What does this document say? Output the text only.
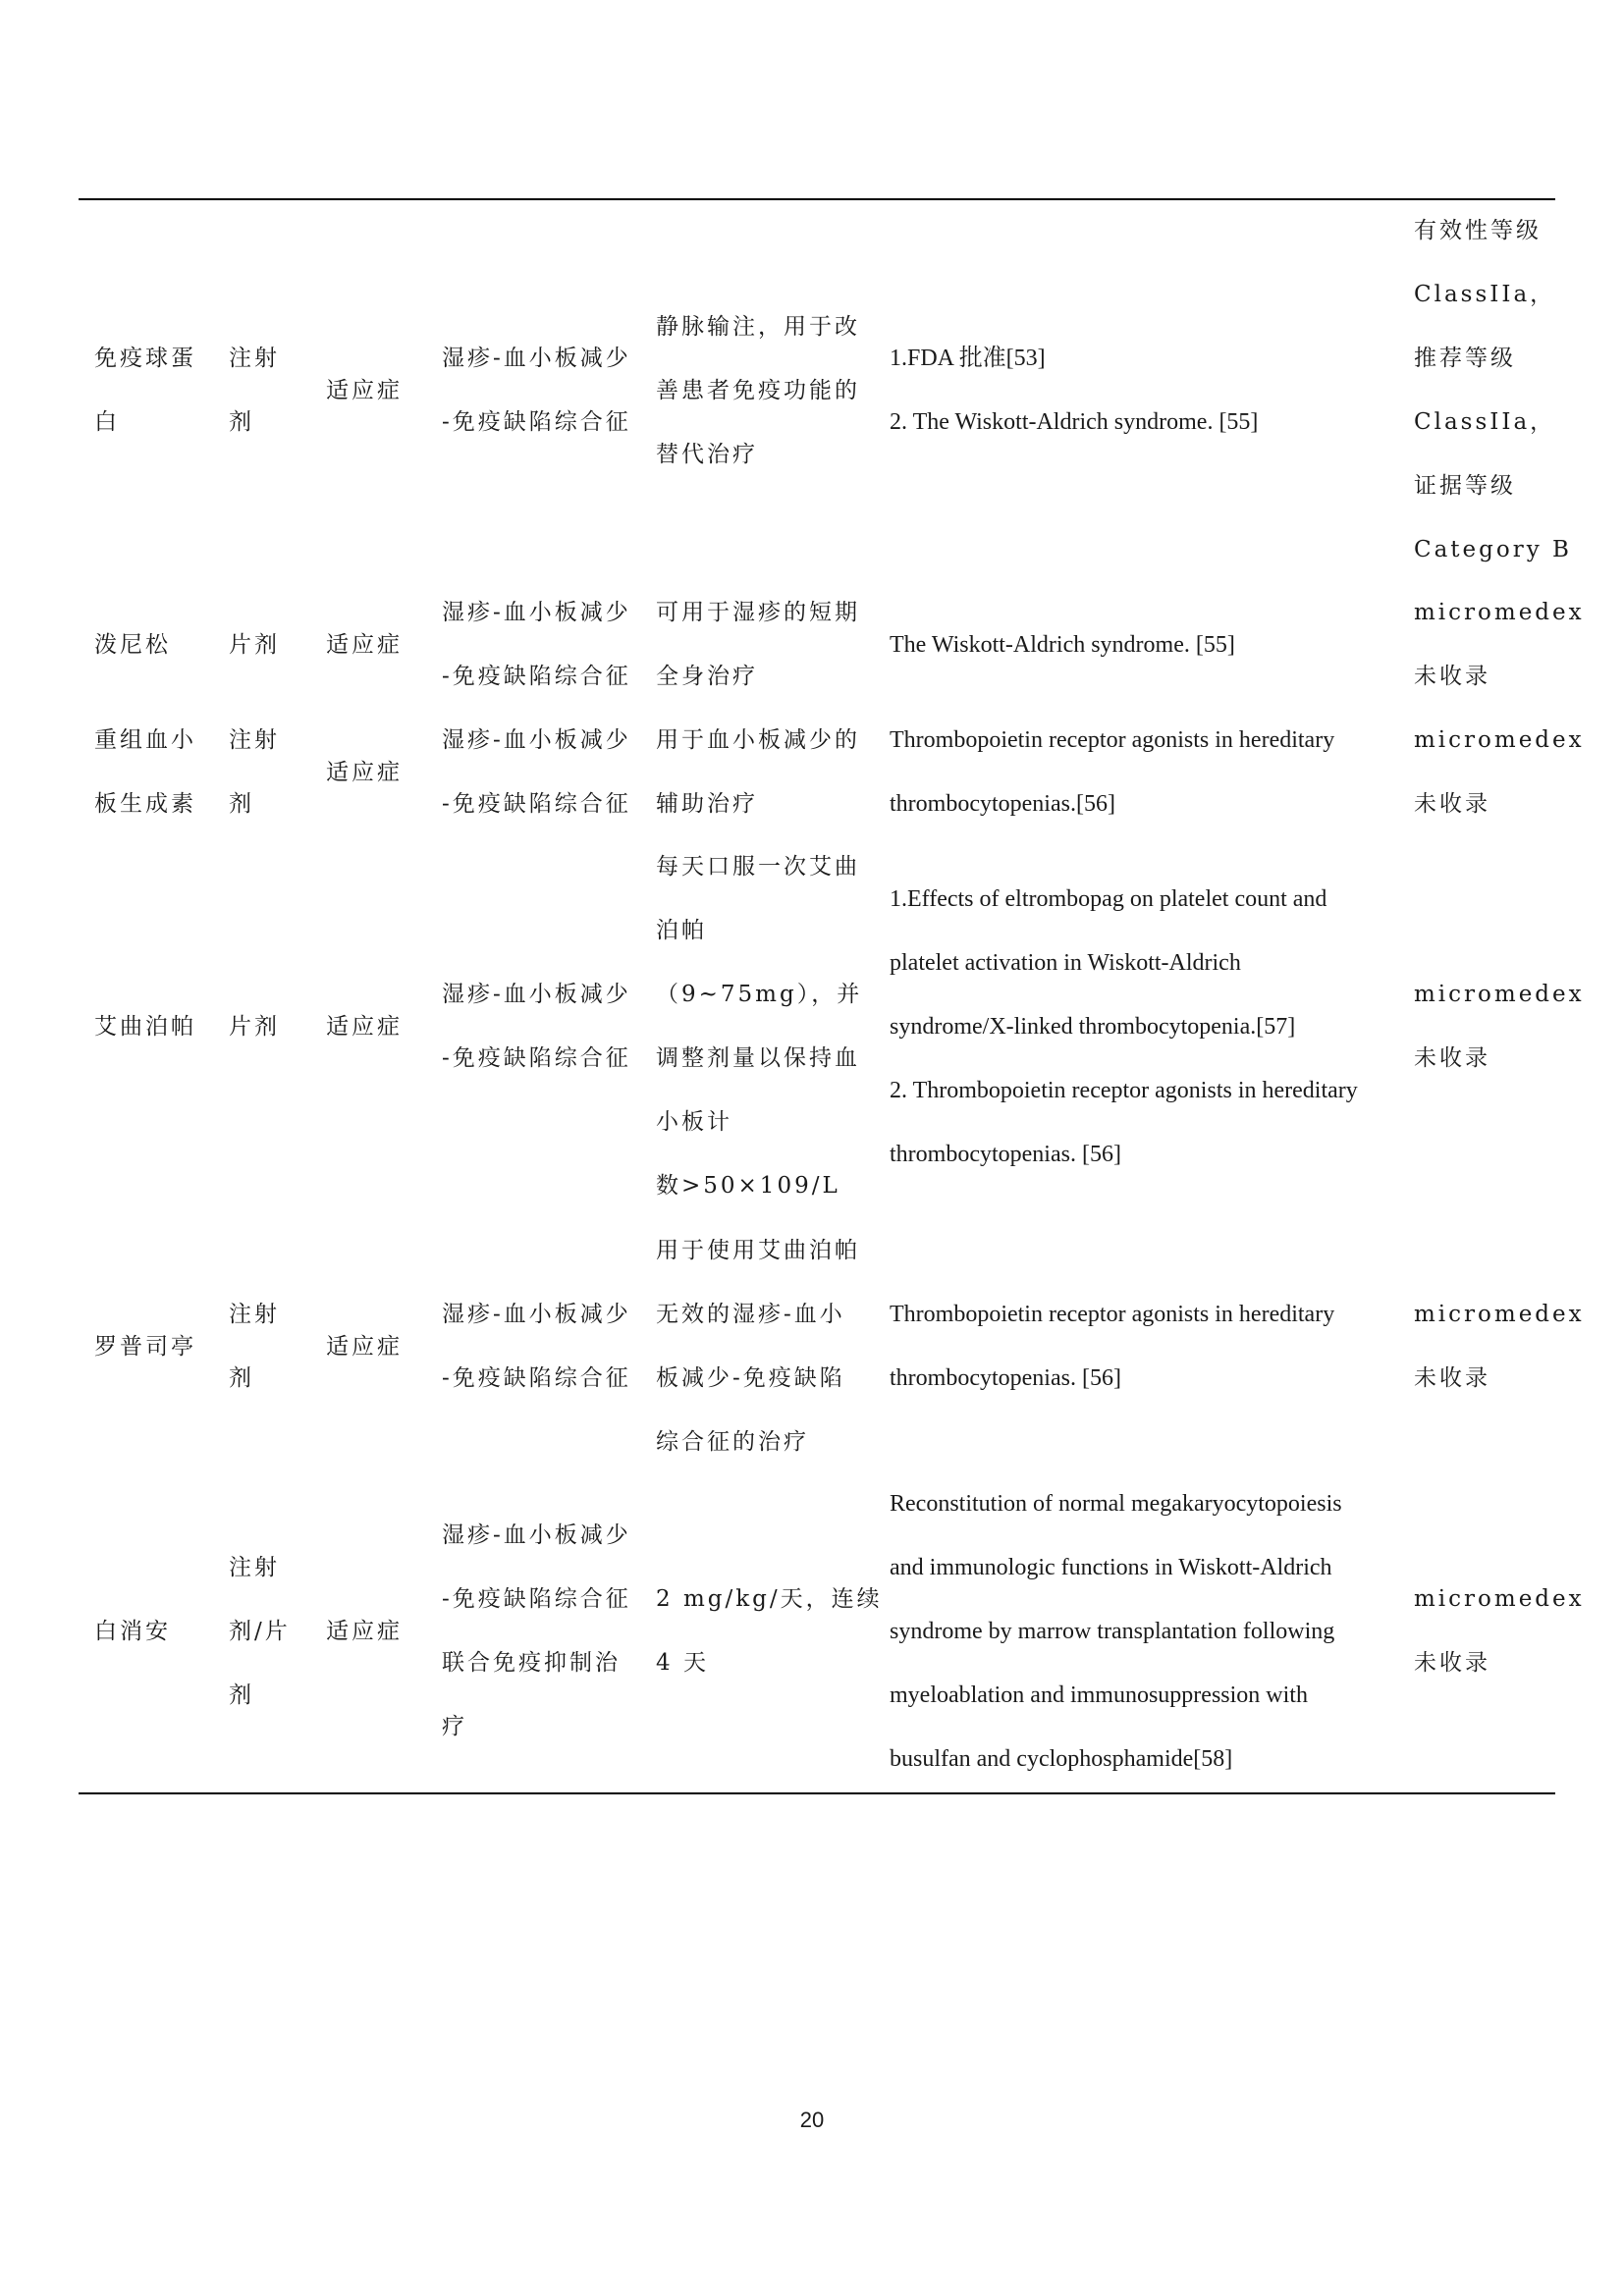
免疫球蛋
白
注射
剂
适应症
湿疹-血小板减少
-免疫缺陷综合征
静脉输注，用于改
善患者免疫功能的
替代治疗
1.FDA 批准[53]
2. The Wiskott-Aldrich syndrome. [55]
有效性等级
ClassIIa，
推荐等级
ClassIIa，
证据等级
Category B
泼尼松	片剂 适应症
湿疹-血小板减少
-免疫缺陷综合征
可用于湿疹的短期
全身治疗
The Wiskott-Aldrich syndrome. [55]
micromedex
未收录
重组血小
板生成素
注射
剂
适应症
湿疹-血小板减少
-免疫缺陷综合征
用于血小板减少的
辅助治疗
Thrombopoietin receptor agonists in hereditary
thrombocytopenias.[56]
micromedex
未收录
艾曲泊帕 片剂 适应症
湿疹-血小板减少
-免疫缺陷综合征
每天口服一次艾曲
泊帕
（9~75mg），并
调整剂量以保持血
小板计
数>50×109/L
1.Effects of eltrombopag on platelet count and
platelet activation in Wiskott-Aldrich
syndrome/X-linked thrombocytopenia.[57]
2. Thrombopoietin receptor agonists in hereditary
thrombocytopenias. [56]
micromedex
未收录
罗普司亭
注射
剂
适应症
湿疹-血小板减少
-免疫缺陷综合征
用于使用艾曲泊帕
无效的湿疹-血小
板减少-免疫缺陷
综合征的治疗
Thrombopoietin receptor agonists in hereditary
thrombocytopenias. [56]
micromedex
未收录
白消安
注射
剂/片
剂
适应症
湿疹-血小板减少
-免疫缺陷综合征
联合免疫抑制治
疗
2 mg/kg/天，连续
4 天
Reconstitution of normal megakaryocytopoiesis
and immunologic functions in Wiskott-Aldrich
syndrome by marrow transplantation following
myeloablation and immunosuppression with
busulfan and cyclophosphamide[58]
micromedex
未收录
20
